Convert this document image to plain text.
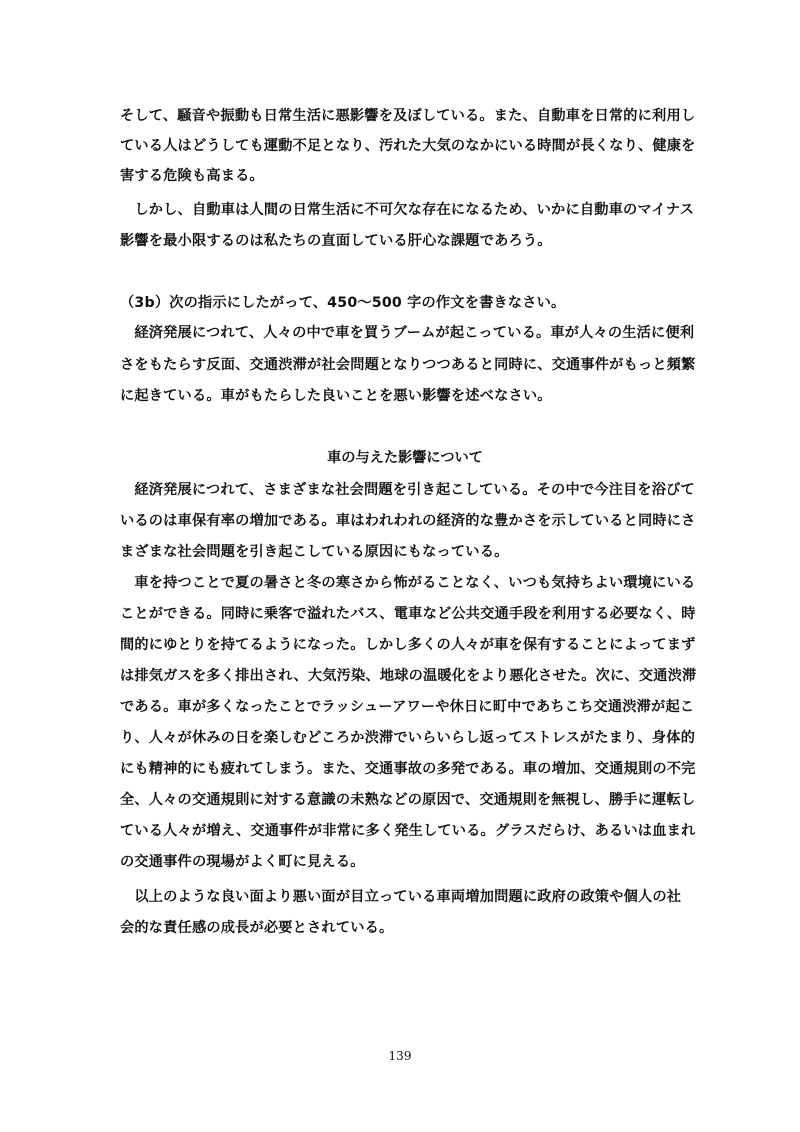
そして、騒音や振動も日常生活に悪影響を及ぼしている。また、自動車を日常的に利用し
ている人はどうしても運動不足となり、汚れた大気のなかにいる時間が長くなり、健康を
害する危険も高まる。
　しかし、自動車は人間の日常生活に不可欠な存在になるため、いかに自動車のマイナス
影響を最小限するのは私たちの直面している肝心な課題であろう。
（3b）次の指示にしたがって、450～500 字の作文を書きなさい。
　経済発展につれて、人々の中で車を買うブームが起こっている。車が人々の生活に便利
さをもたらす反面、交通渋滞が社会問題となりつつあると同時に、交通事件がもっと頻繁
に起きている。車がもたらした良いことを悪い影響を述べなさい。
車の与えた影響について
　経済発展につれて、さまざまな社会問題を引き起こしている。その中で今注目を浴びて
いるのは車保有率の増加である。車はわれわれの経済的な豊かさを示していると同時にさ
まざまな社会問題を引き起こしている原因にもなっている。
　車を持つことで夏の暑さと冬の寒さから怖がることなく、いつも気持ちよい環境にいる
ことができる。同時に乗客で溢れたバス、電車など公共交通手段を利用する必要なく、時
間的にゆとりを持てるようになった。しかし多くの人々が車を保有することによってまず
は排気ガスを多く排出され、大気汚染、地球の温暖化をより悪化させた。次に、交通渋滞
である。車が多くなったことでラッシューアワーや休日に町中であちこち交通渋滞が起こ
り、人々が休みの日を楽しむどころか渋滞でいらいらし返ってストレスがたまり、身体的
にも精神的にも疲れてしまう。また、交通事故の多発である。車の増加、交通規則の不完
全、人々の交通規則に対する意識の未熟などの原因で、交通規則を無視し、勝手に運転し
ている人々が増え、交通事件が非常に多く発生している。グラスだらけ、あるいは血まれ
の交通事件の現場がよく町に見える。
　以上のような良い面より悪い面が目立っている車両増加問題に政府の政策や個人の社
会的な責任感の成長が必要とされている。
139
